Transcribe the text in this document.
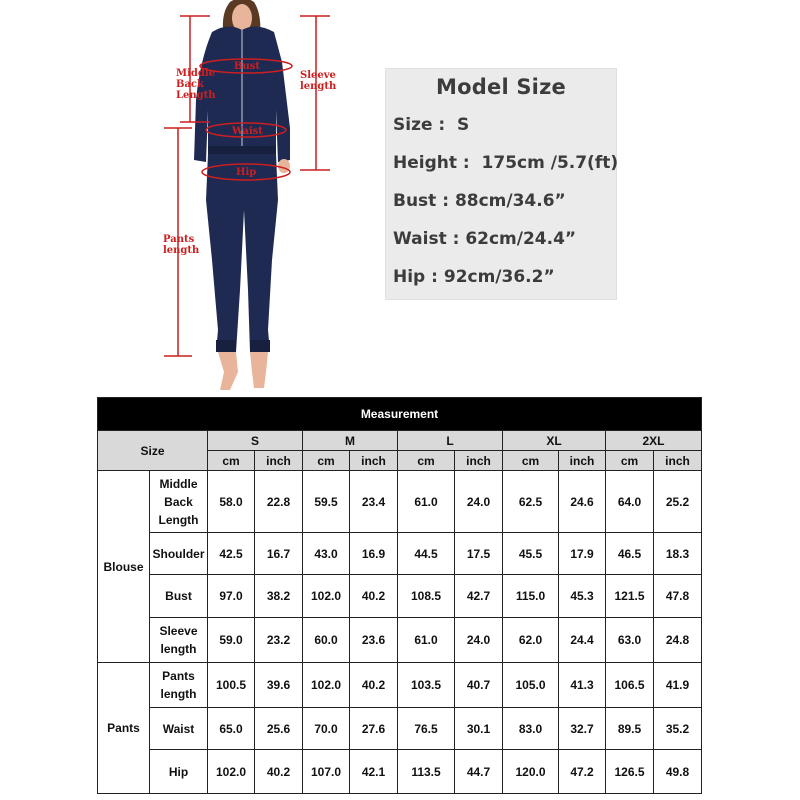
Middle
Back
Length
Bust
Sleeve
length
Waist
Hip
Pants
length
Model Size
Size :  S
Height :  175cm /5.7(ft)
Bust : 88cm/34.6”
Waist : 62cm/24.4”
Hip : 92cm/36.2”
Measurement											
Size		S		M		L		XL		2XL	
		cm	inch	cm	inch	cm	inch	cm	inch	cm	inch
Blouse	Middle
Back
Length	58.0	22.8	59.5	23.4	61.0	24.0	62.5	24.6	64.0	25.2
	Shoulder	42.5	16.7	43.0	16.9	44.5	17.5	45.5	17.9	46.5	18.3
	Bust	97.0	38.2	102.0	40.2	108.5	42.7	115.0	45.3	121.5	47.8
	Sleeve
length	59.0	23.2	60.0	23.6	61.0	24.0	62.0	24.4	63.0	24.8
Pants	Pants
length	100.5	39.6	102.0	40.2	103.5	40.7	105.0	41.3	106.5	41.9
	Waist	65.0	25.6	70.0	27.6	76.5	30.1	83.0	32.7	89.5	35.2
	Hip	102.0	40.2	107.0	42.1	113.5	44.7	120.0	47.2	126.5	49.8
